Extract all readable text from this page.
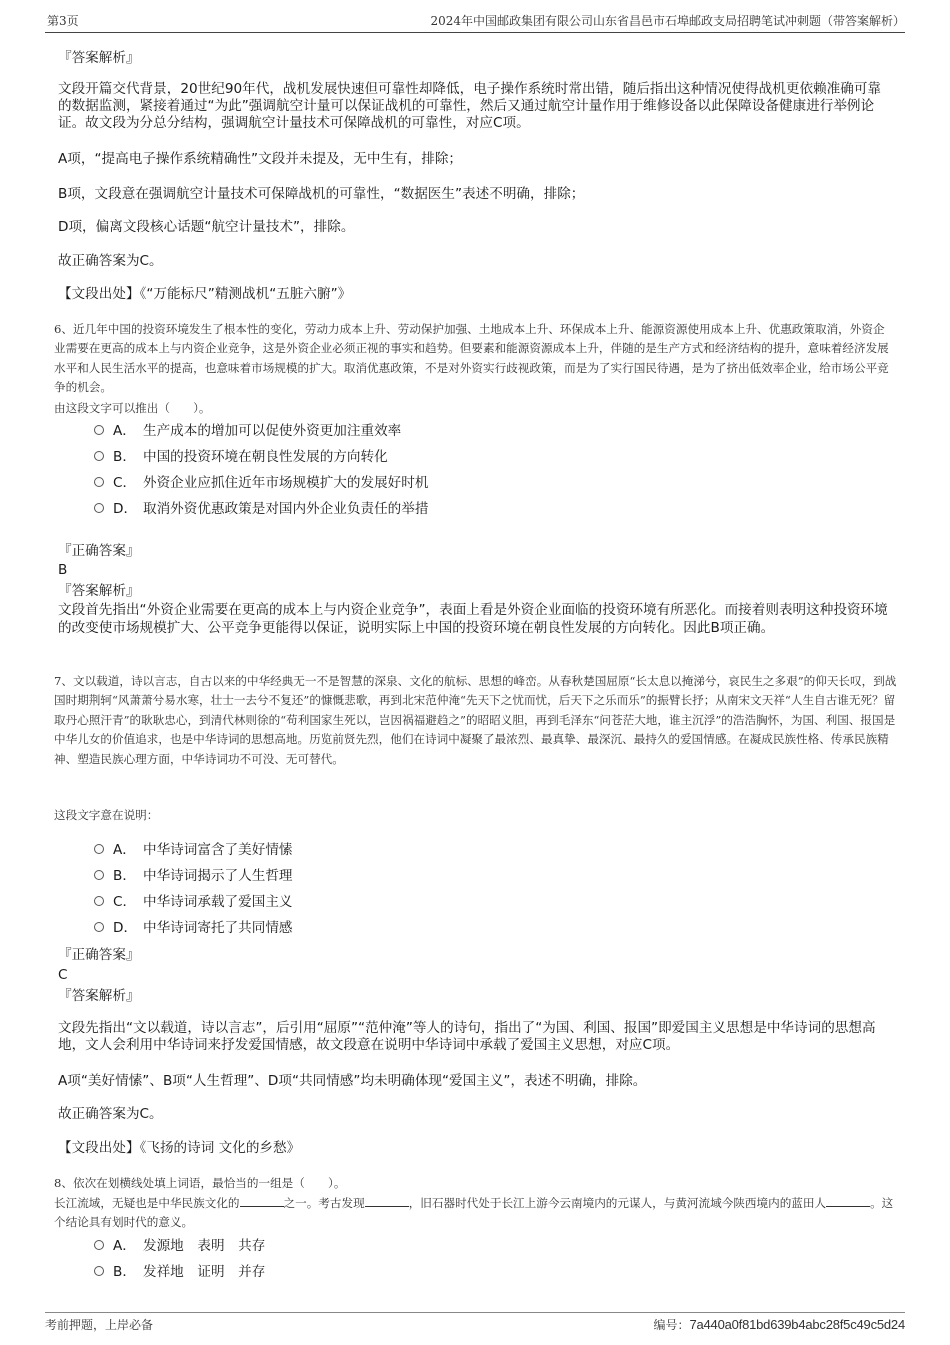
第3页	2024年中国邮政集团有限公司山东省昌邑市石埠邮政支局招聘笔试冲刺题（带答案解析）
『答案解析』
文段开篇交代背景，20世纪90年代，战机发展快速但可靠性却降低，电子操作系统时常出错，随后指出这种情况使得战机更依赖准确可靠的数据监测，紧接着通过“为此”强调航空计量可以保证战机的可靠性，然后又通过航空计量作用于维修设备以此保障设备健康进行举例论证。故文段为分总分结构，强调航空计量技术可保障战机的可靠性，对应C项。
A项，“提高电子操作系统精确性”文段并未提及，无中生有，排除；
B项，文段意在强调航空计量技术可保障战机的可靠性，“数据医生”表述不明确，排除；
D项，偏离文段核心话题“航空计量技术”，排除。
故正确答案为C。
【文段出处】《“万能标尺”精测战机“五脏六腑”》
6、近几年中国的投资环境发生了根本性的变化，劳动力成本上升、劳动保护加强、土地成本上升、环保成本上升、能源资源使用成本上升、优惠政策取消，外资企业需要在更高的成本上与内资企业竞争，这是外资企业必须正视的事实和趋势。但要素和能源资源成本上升，伴随的是生产方式和经济结构的提升，意味着经济发展水平和人民生活水平的提高，也意味着市场规模的扩大。取消优惠政策，不是对外资实行歧视政策，而是为了实行国民待遇，是为了挤出低效率企业，给市场公平竞争的机会。
由这段文字可以推出（　　）。
A． 生产成本的增加可以促使外资更加注重效率
B． 中国的投资环境在朝良性发展的方向转化
C． 外资企业应抓住近年市场规模扩大的发展好时机
D． 取消外资优惠政策是对国内外企业负责任的举措
『正确答案』
B
『答案解析』
文段首先指出“外资企业需要在更高的成本上与内资企业竞争”，表面上看是外资企业面临的投资环境有所恶化。而接着则表明这种投资环境的改变使市场规模扩大、公平竞争更能得以保证，说明实际上中国的投资环境在朝良性发展的方向转化。因此B项正确。
7、文以载道，诗以言志，自古以来的中华经典无一不是智慧的深泉、文化的航标、思想的峰峦。从春秋楚国屈原“长太息以掩涕兮，哀民生之多艰”的仰天长叹，到战国时期荆轲“风萧萧兮易水寒，壮士一去兮不复还”的慷慨悲歌，再到北宋范仲淹“先天下之忧而忧，后天下之乐而乐”的振臂长抒；从南宋文天祥“人生自古谁无死？留取丹心照汗青”的耿耿忠心，到清代林则徐的“苟利国家生死以，岂因祸福避趋之”的昭昭义胆，再到毛泽东“问苍茫大地，谁主沉浮”的浩浩胸怀，为国、利国、报国是中华儿女的价值追求，也是中华诗词的思想高地。历览前贤先烈，他们在诗词中凝聚了最浓烈、最真挚、最深沉、最持久的爱国情感。在凝成民族性格、传承民族精神、塑造民族心理方面，中华诗词功不可没、无可替代。
这段文字意在说明：
A． 中华诗词富含了美好情愫
B． 中华诗词揭示了人生哲理
C． 中华诗词承载了爱国主义
D． 中华诗词寄托了共同情感
『正确答案』
C
『答案解析』
文段先指出“文以载道，诗以言志”，后引用“屈原”“范仲淹”等人的诗句，指出了“为国、利国、报国”即爱国主义思想是中华诗词的思想高地，文人会利用中华诗词来抒发爱国情感，故文段意在说明中华诗词中承载了爱国主义思想，对应C项。
A项“美好情愫”、B项“人生哲理”、D项“共同情感”均未明确体现“爱国主义”，表述不明确，排除。
故正确答案为C。
【文段出处】《飞扬的诗词 文化的乡愁》
8、依次在划横线处填上词语，最恰当的一组是（　　）。
长江流域，无疑也是中华民族文化的	之一。考古发现	，旧石器时代处于长江上游今云南境内的元谋人，与黄河流域今陕西境内的蓝田人	。这个结论具有划时代的意义。
A． 发源地　表明　共存
B． 发祥地　证明　并存
考前押题，上岸必备	编号：7a440a0f81bd639b4abc28f5c49c5d24
